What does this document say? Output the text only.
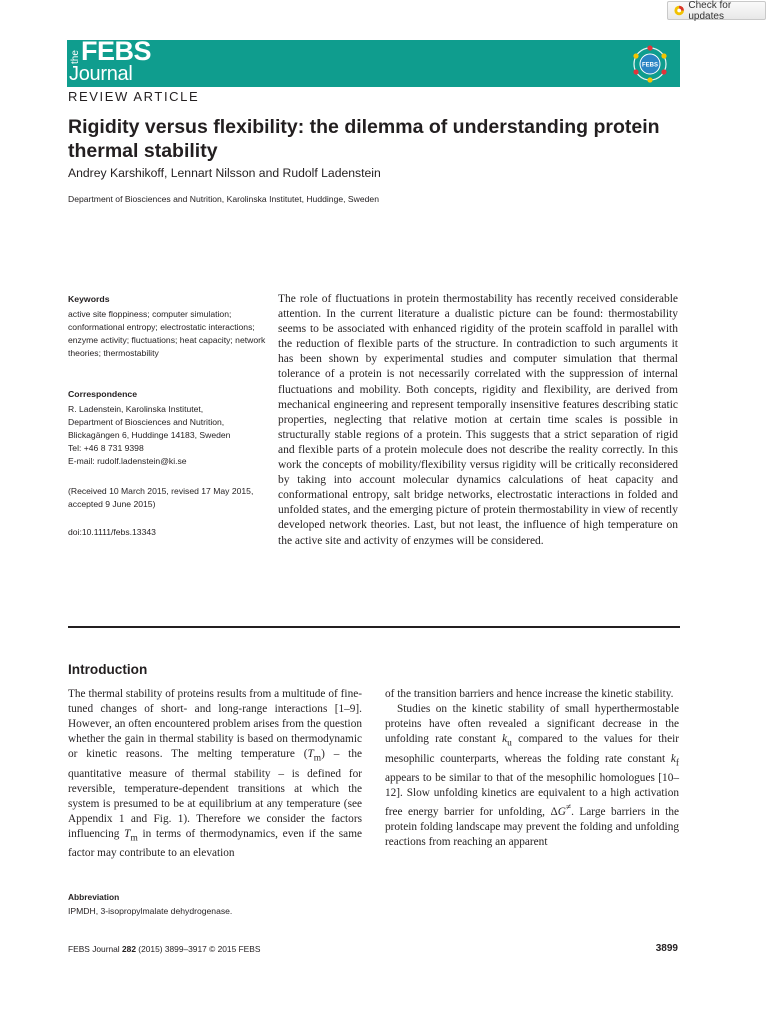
Check for updates
the FEBS
Journal	FEBS
REVIEW ARTICLE
Rigidity versus flexibility: the dilemma of understanding protein thermal stability
Andrey Karshikoff, Lennart Nilsson and Rudolf Ladenstein
Department of Biosciences and Nutrition, Karolinska Institutet, Huddinge, Sweden
Keywords
active site floppiness; computer simulation; conformational entropy; electrostatic interactions; enzyme activity; fluctuations; heat capacity; network theories; thermostability
Correspondence
R. Ladenstein, Karolinska Institutet,
Department of Biosciences and Nutrition,
Blickagängen 6, Huddinge 14183, Sweden
Tel: +46 8 731 9398
E-mail: rudolf.ladenstein@ki.se
(Received 10 March 2015, revised 17 May 2015, accepted 9 June 2015)
doi:10.1111/febs.13343
The role of fluctuations in protein thermostability has recently received considerable attention. In the current literature a dualistic picture can be found: thermostability seems to be associated with enhanced rigidity of the protein scaffold in parallel with the reduction of flexible parts of the structure. In contradiction to such arguments it has been shown by experimental studies and computer simulation that thermal tolerance of a protein is not necessarily correlated with the suppression of internal fluctuations and mobility. Both concepts, rigidity and flexibility, are derived from mechanical engineering and represent temporally insensitive features describing static properties, neglecting that relative motion at certain time scales is possible in structurally stable regions of a protein. This suggests that a strict separation of rigid and flexible parts of a protein molecule does not describe the reality correctly. In this work the concepts of mobility/flexibility versus rigidity will be critically reconsidered by taking into account molecular dynamics calculations of heat capacity and conformational entropy, salt bridge networks, electrostatic interactions in folded and unfolded states, and the emerging picture of protein thermostability in view of recently developed network theories. Last, but not least, the influence of high temperature on the active site and activity of enzymes will be considered.
Introduction
The thermal stability of proteins results from a multitude of fine-tuned changes of short- and long-range interactions [1–9]. However, an often encountered problem arises from the question whether the gain in thermal stability is based on thermodynamic or kinetic reasons. The melting temperature $(T_m)$ – the quantitative measure of thermal stability – is defined for reversible, temperature-dependent transitions at which the system is presumed to be at equilibrium at any temperature (see Appendix 1 and Fig. 1). Therefore we consider the factors influencing $T_m$ in terms of thermodynamics, even if the same factor may contribute to an elevation

of the transition barriers and hence increase the kinetic stability.

Studies on the kinetic stability of small hyperthermostable proteins have often revealed a significant decrease in the unfolding rate constant $k_u$ compared to the values for their mesophilic counterparts, whereas the folding rate constant $k_f$ appears to be similar to that of the mesophilic homologues [10–12]. Slow unfolding kinetics are equivalent to a high activation free energy barrier for unfolding, ΔG≠. Large barriers in the protein folding landscape may prevent the folding and unfolding reactions from reaching an apparent

Abbreviation
IPMDH, 3-isopropylmalate dehydrogenase.
FEBS Journal 282 (2015) 3899–3917 © 2015 FEBS	3899
